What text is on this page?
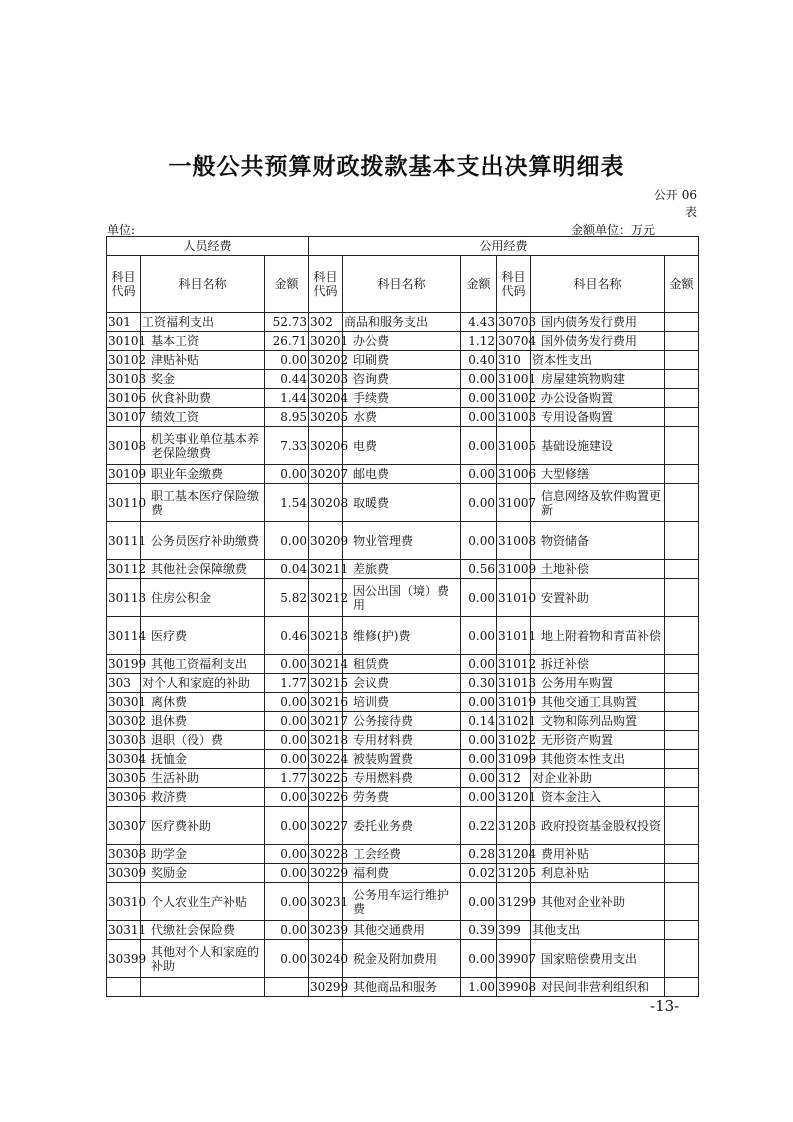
一般公共预算财政拨款基本支出决算明细表
公开 06
表
单位:	金额单位：万元
人员经费			公用经费					
科目代码	科目名称	金额	科目代码	科目名称	金额	科目代码	科目名称	金额
301	工资福利支出	52.73	302	商品和服务支出	4.43	30703	国内债务发行费用	
30101	基本工资	26.71	30201	办公费	1.12	30704	国外债务发行费用	
30102	津贴补贴	0.00	30202	印刷费	0.40	310	资本性支出	
30103	奖金	0.44	30203	咨询费	0.00	31001	房屋建筑物购建	
30106	伙食补助费	1.44	30204	手续费	0.00	31002	办公设备购置	
30107	绩效工资	8.95	30205	水费	0.00	31003	专用设备购置	
30108	机关事业单位基本养老保险缴费	7.33	30206	电费	0.00	31005	基础设施建设	
30109	职业年金缴费	0.00	30207	邮电费	0.00	31006	大型修缮	
30110	职工基本医疗保险缴费	1.54	30208	取暖费	0.00	31007	信息网络及软件购置更新	
30111	公务员医疗补助缴费	0.00	30209	物业管理费	0.00	31008	物资储备	
30112	其他社会保障缴费	0.04	30211	差旅费	0.56	31009	土地补偿	
30113	住房公积金	5.82	30212	因公出国（境）费用	0.00	31010	安置补助	
30114	医疗费	0.46	30213	维修(护)费	0.00	31011	地上附着物和青苗补偿	
30199	其他工资福利支出	0.00	30214	租赁费	0.00	31012	拆迁补偿	
303	对个人和家庭的补助	1.77	30215	会议费	0.30	31013	公务用车购置	
30301	离休费	0.00	30216	培训费	0.00	31019	其他交通工具购置	
30302	退休费	0.00	30217	公务接待费	0.14	31021	文物和陈列品购置	
30303	退职（役）费	0.00	30218	专用材料费	0.00	31022	无形资产购置	
30304	抚恤金	0.00	30224	被装购置费	0.00	31099	其他资本性支出	
30305	生活补助	1.77	30225	专用燃料费	0.00	312	对企业补助	
30306	救济费	0.00	30226	劳务费	0.00	31201	资本金注入	
30307	医疗费补助	0.00	30227	委托业务费	0.22	31203	政府投资基金股权投资	
30308	助学金	0.00	30228	工会经费	0.28	31204	费用补贴	
30309	奖励金	0.00	30229	福利费	0.02	31205	利息补贴	
30310	个人农业生产补贴	0.00	30231	公务用车运行维护费	0.00	31299	其他对企业补助	
30311	代缴社会保险费	0.00	30239	其他交通费用	0.39	399	其他支出	
30399	其他对个人和家庭的补助	0.00	30240	税金及附加费用	0.00	39907	国家赔偿费用支出	
			30299	其他商品和服务	1.00	39908	对民间非营利组织和	
-13-
